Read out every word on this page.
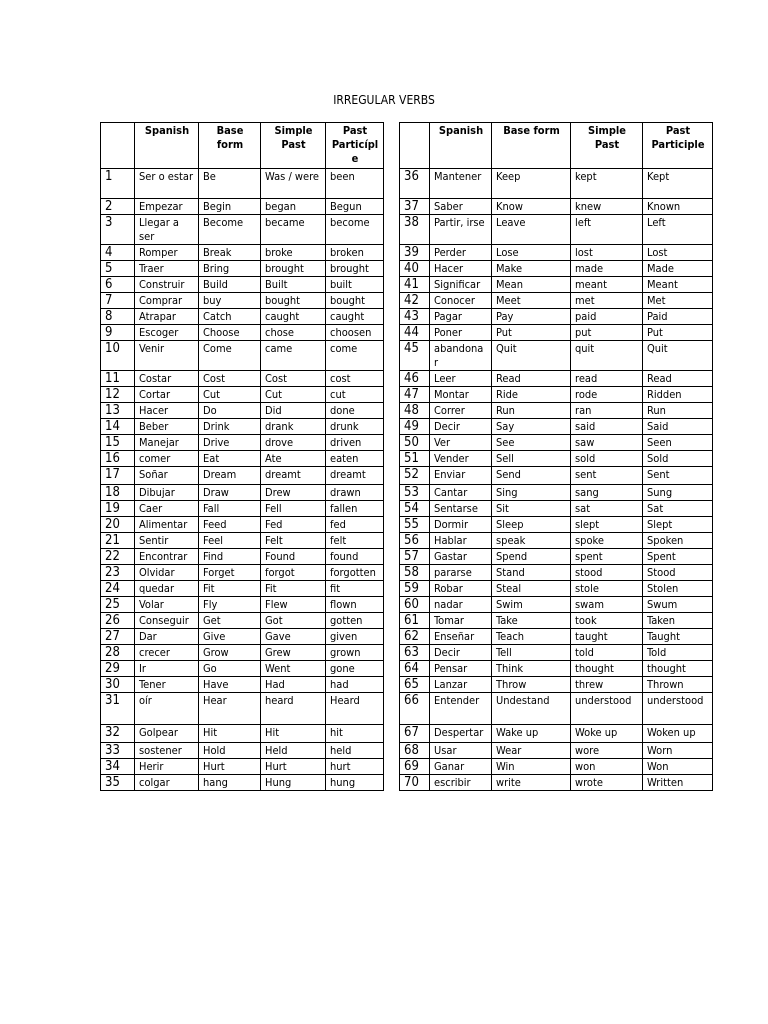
IRREGULAR VERBS
	Spanish	Base form	Simple Past	Past Particípl e
1	Ser o estar	Be	Was / were	been
2	Empezar	Begin	began	Begun
3	Llegar a ser	Become	became	become
4	Romper	Break	broke	broken
5	Traer	Bring	brought	brought
6	Construir	Build	Built	built
7	Comprar	buy	bought	bought
8	Atrapar	Catch	caught	caught
9	Escoger	Choose	chose	choosen
10	Venir	Come	came	come
11	Costar	Cost	Cost	cost
12	Cortar	Cut	Cut	cut
13	Hacer	Do	Did	done
14	Beber	Drink	drank	drunk
15	Manejar	Drive	drove	driven
16	comer	Eat	Ate	eaten
17	Soñar	Dream	dreamt	dreamt
18	Dibujar	Draw	Drew	drawn
19	Caer	Fall	Fell	fallen
20	Alimentar	Feed	Fed	fed
21	Sentir	Feel	Felt	felt
22	Encontrar	Find	Found	found
23	Olvidar	Forget	forgot	forgotten
24	quedar	Fit	Fit	fit
25	Volar	Fly	Flew	flown
26	Conseguir	Get	Got	gotten
27	Dar	Give	Gave	given
28	crecer	Grow	Grew	grown
29	Ir	Go	Went	gone
30	Tener	Have	Had	had
31	oír	Hear	heard	Heard
32	Golpear	Hit	Hit	hit
33	sostener	Hold	Held	held
34	Herir	Hurt	Hurt	hurt
35	colgar	hang	Hung	hung
	Spanish	Base form	Simple Past	Past Participle
36	Mantener	Keep	kept	Kept
37	Saber	Know	knew	Known
38	Partir, irse	Leave	left	Left
39	Perder	Lose	lost	Lost
40	Hacer	Make	made	Made
41	Significar	Mean	meant	Meant
42	Conocer	Meet	met	Met
43	Pagar	Pay	paid	Paid
44	Poner	Put	put	Put
45	abandona r	Quit	quit	Quit
46	Leer	Read	read	Read
47	Montar	Ride	rode	Ridden
48	Correr	Run	ran	Run
49	Decir	Say	said	Said
50	Ver	See	saw	Seen
51	Vender	Sell	sold	Sold
52	Enviar	Send	sent	Sent
53	Cantar	Sing	sang	Sung
54	Sentarse	Sit	sat	Sat
55	Dormir	Sleep	slept	Slept
56	Hablar	speak	spoke	Spoken
57	Gastar	Spend	spent	Spent
58	pararse	Stand	stood	Stood
59	Robar	Steal	stole	Stolen
60	nadar	Swim	swam	Swum
61	Tomar	Take	took	Taken
62	Enseñar	Teach	taught	Taught
63	Decir	Tell	told	Told
64	Pensar	Think	thought	thought
65	Lanzar	Throw	threw	Thrown
66	Entender	Undestand	understood	understood
67	Despertar	Wake up	Woke up	Woken up
68	Usar	Wear	wore	Worn
69	Ganar	Win	won	Won
70	escribir	write	wrote	Written
